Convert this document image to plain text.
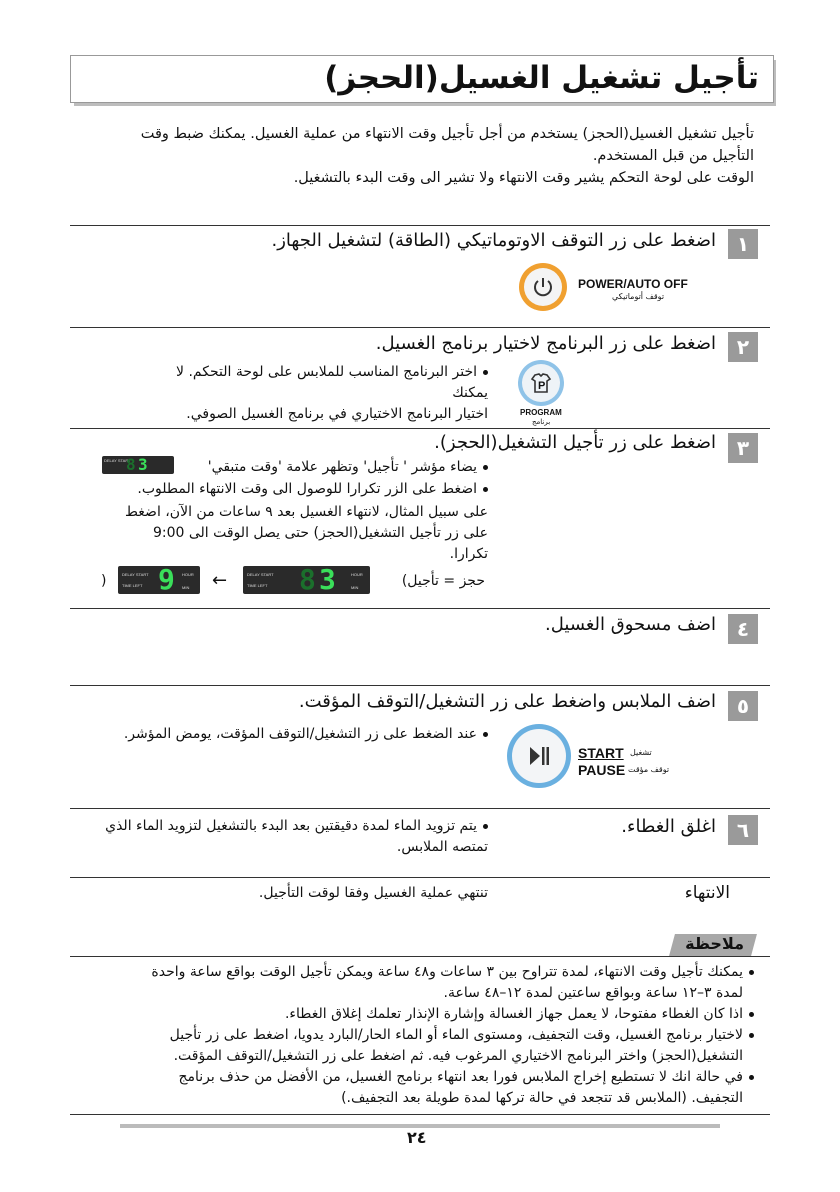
تأجيل تشغيل الغسيل(الحجز)
تأجيل تشغيل الغسيل(الحجز) يستخدم من أجل تأجيل وقت الانتهاء من عملية الغسيل. يمكنك ضبط وقت
التأجيل من قبل المستخدم.
الوقت على لوحة التحكم يشير وقت الانتهاء ولا تشير الى وقت البدء بالتشغيل.
١
اضغط على زر التوقف الاوتوماتيكي (الطاقة) لتشغيل الجهاز.
POWER/AUTO OFF
توقف أتوماتيكي
٢
اضغط على زر البرنامج لاختيار برنامج الغسيل.
اختر البرنامج المناسب للملابس على لوحة التحكم. لا يمكنك
اختيار البرنامج الاختياري في برنامج الغسيل الصوفي.
P
PROGRAM
برنامج
٣
اضغط على زر تأجيل التشغيل(الحجز).
يضاء مؤشر ' تأجيل' وتظهر علامة 'وقت متبقي'
DELAY START
8 3
اضغط على الزر تكرارا للوصول الى وقت الانتهاء المطلوب.
على سبيل المثال، لانتهاء الغسيل بعد ٩ ساعات من الآن، اضغط
على زر تأجيل التشغيل(الحجز) حتى يصل الوقت الى 9:00
تكرارا.
حجز = تأجيل)
DELAY START
TIME LEFT 8 3	HOUR
MIN
←
DELAY START
TIME LEFT 9 HOUR
MIN
(
٤
اضف مسحوق الغسيل.
٥
اضف الملابس واضغط على زر التشغيل/التوقف المؤقت.
عند الضغط على زر التشغيل/التوقف المؤقت، يومض المؤشر.
START
PAUSE
تشغيل
توقف مؤقت
٦
اغلق الغطاء.
يتم تزويد الماء لمدة دقيقتين بعد البدء بالتشغيل لتزويد الماء الذي
تمتصه الملابس.
الانتهاء
تنتهي عملية الغسيل وفقا لوقت التأجيل.
ملاحظة
يمكنك تأجيل وقت الانتهاء، لمدة تتراوح بين ٣ ساعات و٤٨ ساعة ويمكن تأجيل الوقت بواقع ساعة واحدة
لمدة ٣–١٢ ساعة وبواقع ساعتين لمدة ١٢–٤٨ ساعة.
اذا كان الغطاء مفتوحا، لا يعمل جهاز الغسالة وإشارة الإنذار تعلمك إغلاق الغطاء.
لاختيار برنامج الغسيل، وقت التجفيف، ومستوى الماء أو الماء الحار/البارد يدويا، اضغط على زر تأجيل
التشغيل(الحجز) واختر البرنامج الاختياري المرغوب فيه. ثم اضغط على زر التشغيل/التوقف المؤقت.
في حالة انك لا تستطيع إخراج الملابس فورا بعد انتهاء برنامج الغسيل، من الأفضل من حذف برنامج
التجفيف. (الملابس قد تتجعد في حالة تركها لمدة طويلة بعد التجفيف.)
٢٤
